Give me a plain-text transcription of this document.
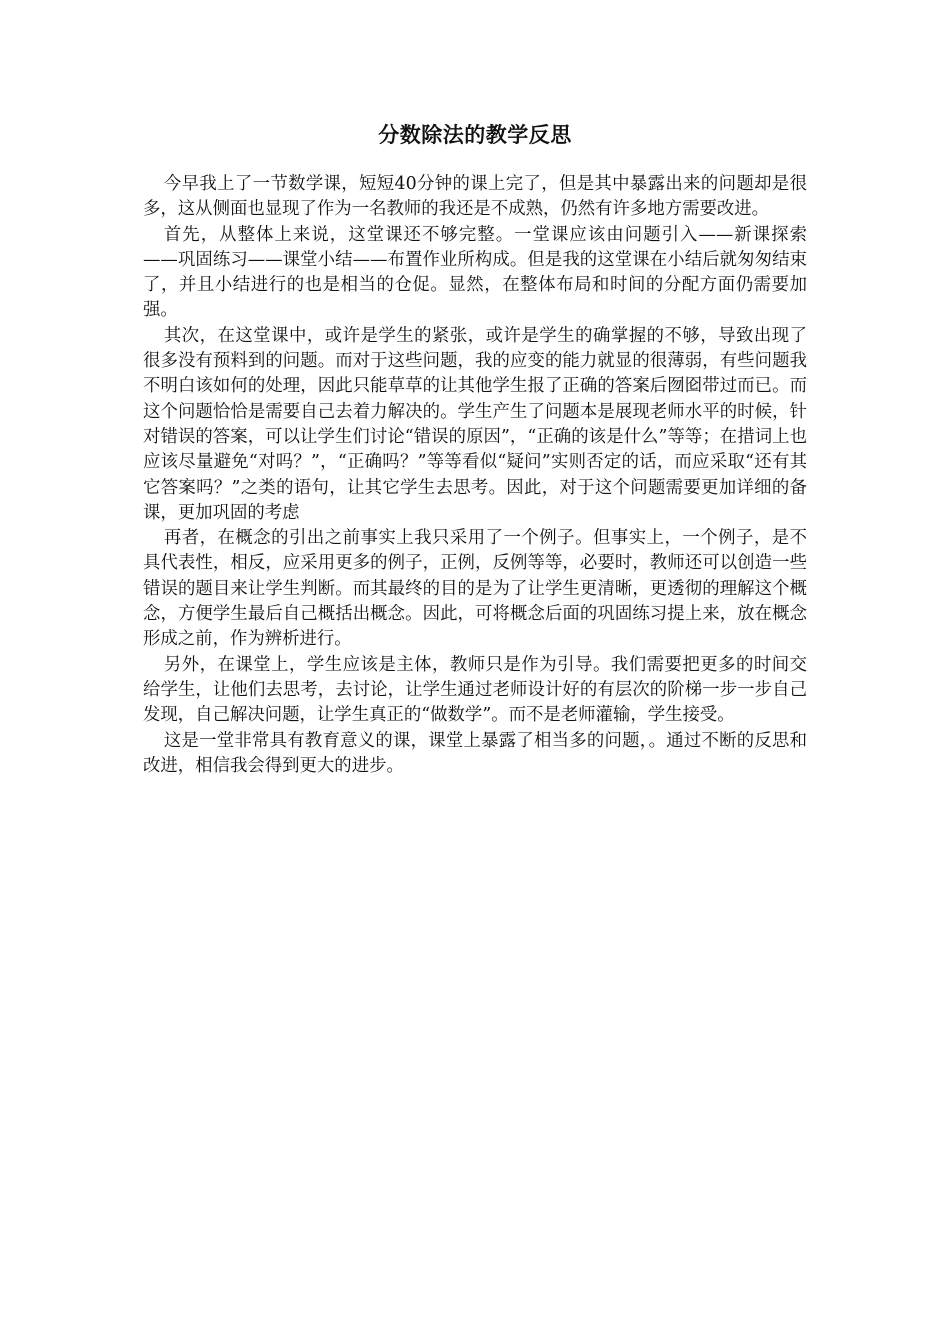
分数除法的教学反思

今早我上了一节数学课，短短40分钟的课上完了，但是其中暴露出来的问题却是很多，这从侧面也显现了作为一名教师的我还是不成熟，仍然有许多地方需要改进。

首先，从整体上来说，这堂课还不够完整。一堂课应该由问题引入——新课探索——巩固练习——课堂小结——布置作业所构成。但是我的这堂课在小结后就匆匆结束了，并且小结进行的也是相当的仓促。显然，在整体布局和时间的分配方面仍需要加强。

其次，在这堂课中，或许是学生的紧张，或许是学生的确掌握的不够，导致出现了很多没有预料到的问题。而对于这些问题，我的应变的能力就显的很薄弱，有些问题我不明白该如何的处理，因此只能草草的让其他学生报了正确的答案后囫囵带过而已。而这个问题恰恰是需要自己去着力解决的。学生产生了问题本是展现老师水平的时候，针对错误的答案，可以让学生们讨论“错误的原因”，“正确的该是什么”等等；在措词上也应该尽量避免“对吗？”，“正确吗？”等等看似“疑问”实则否定的话，而应采取“还有其它答案吗？”之类的语句，让其它学生去思考。因此，对于这个问题需要更加详细的备课，更加巩固的考虑

再者，在概念的引出之前事实上我只采用了一个例子。但事实上，一个例子，是不具代表性，相反，应采用更多的例子，正例，反例等等，必要时，教师还可以创造一些错误的题目来让学生判断。而其最终的目的是为了让学生更清晰，更透彻的理解这个概念，方便学生最后自己概括出概念。因此，可将概念后面的巩固练习提上来，放在概念形成之前，作为辨析进行。

另外，在课堂上，学生应该是主体，教师只是作为引导。我们需要把更多的时间交给学生，让他们去思考，去讨论，让学生通过老师设计好的有层次的阶梯一步一步自己发现，自己解决问题，让学生真正的“做数学”。而不是老师灌输，学生接受。

这是一堂非常具有教育意义的课，课堂上暴露了相当多的问题，。通过不断的反思和改进，相信我会得到更大的进步。
